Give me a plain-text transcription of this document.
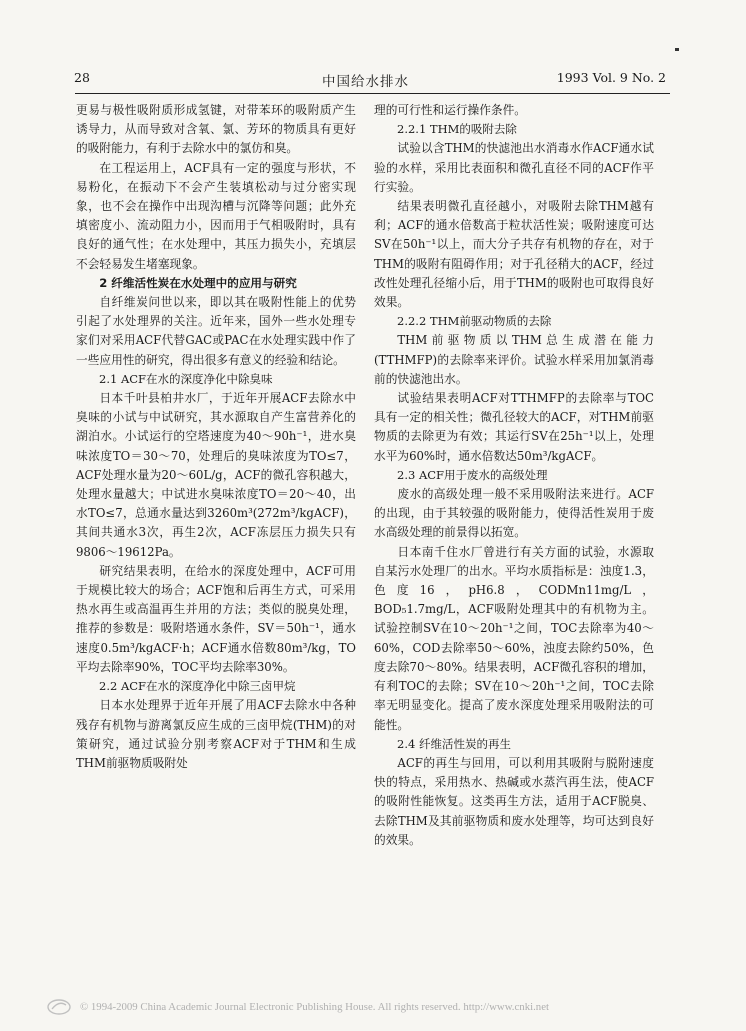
28	中国给水排水	1993 Vol. 9 No. 2

更易与极性吸附质形成氢键，对带苯环的吸附质产生诱导力，从而导致对含氧、氯、芳环的物质具有更好的吸附能力，有利于去除水中的氯仿和臭。

在工程运用上，ACF具有一定的强度与形状，不易粉化，在振动下不会产生装填松动与过分密实现象，也不会在操作中出现沟槽与沉降等问题；此外充填密度小、流动阻力小，因而用于气相吸附时，具有良好的通气性；在水处理中，其压力损失小，充填层不会轻易发生堵塞现象。

2 纤维活性炭在水处理中的应用与研究

自纤维炭问世以来，即以其在吸附性能上的优势引起了水处理界的关注。近年来，国外一些水处理专家们对采用ACF代替GAC或PAC在水处理实践中作了一些应用性的研究，得出很多有意义的经验和结论。

2.1 ACF在水的深度净化中除臭味

日本千叶县柏井水厂，于近年开展ACF去除水中臭味的小试与中试研究，其水源取自产生富营养化的湖泊水。小试运行的空塔速度为40～90h⁻¹，进水臭味浓度TO＝30～70，处理后的臭味浓度为TO≤7，ACF处理水量为20～60L/g，ACF的微孔容积越大，处理水量越大；中试进水臭味浓度TO＝20～40，出水TO≤7，总通水量达到3260m³(272m³/kgACF)，其间共通水3次，再生2次，ACF冻层压力损失只有9806～19612Pa。

研究结果表明，在给水的深度处理中，ACF可用于规模比较大的场合；ACF饱和后再生方式，可采用热水再生或高温再生并用的方法；类似的脱臭处理，推荐的参数是：吸附塔通水条件，SV＝50h⁻¹，通水速度0.5m³/kgACF·h；ACF通水倍数80m³/kg，TO平均去除率90%，TOC平均去除率30%。

2.2 ACF在水的深度净化中除三卤甲烷

日本水处理界于近年开展了用ACF去除水中各种残存有机物与游离氯反应生成的三卤甲烷(THM)的对策研究，通过试验分别考察ACF对于THM和生成THM前驱物质吸附处

理的可行性和运行操作条件。

2.2.1 THM的吸附去除

试验以含THM的快滤池出水消毒水作ACF通水试验的水样，采用比表面积和微孔直径不同的ACF作平行实验。

结果表明微孔直径越小，对吸附去除THM越有利；ACF的通水倍数高于粒状活性炭；吸附速度可达SV在50h⁻¹以上，而大分子共存有机物的存在，对于THM的吸附有阻碍作用；对于孔径稍大的ACF，经过改性处理孔径缩小后，用于THM的吸附也可取得良好效果。

2.2.2 THM前驱动物质的去除

THM前驱物质以THM总生成潜在能力(TTHMFP)的去除率来评价。试验水样采用加氯消毒前的快滤池出水。

试验结果表明ACF对TTHMFP的去除率与TOC具有一定的相关性；微孔径较大的ACF，对THM前驱物质的去除更为有效；其运行SV在25h⁻¹以上，处理水平为60%时，通水倍数达50m³/kgACF。

2.3 ACF用于废水的高级处理

废水的高级处理一般不采用吸附法来进行。ACF的出现，由于其较强的吸附能力，使得活性炭用于废水高级处理的前景得以拓宽。

日本南千住水厂曾进行有关方面的试验，水源取自某污水处理厂的出水。平均水质指标是：浊度1.3，色度16，pH6.8，CODMn11mg/L，BOD₅1.7mg/L，ACF吸附处理其中的有机物为主。试验控制SV在10～20h⁻¹之间，TOC去除率为40～60%，COD去除率50～60%，浊度去除约50%，色度去除70～80%。结果表明，ACF微孔容积的增加，有利TOC的去除；SV在10～20h⁻¹之间，TOC去除率无明显变化。提高了废水深度处理采用吸附法的可能性。

2.4 纤维活性炭的再生

ACF的再生与回用，可以利用其吸附与脱附速度快的特点，采用热水、热碱或水蒸汽再生法，使ACF的吸附性能恢复。这类再生方法，适用于ACF脱臭、去除THM及其前驱物质和废水处理等，均可达到良好的效果。

© 1994-2009 China Academic Journal Electronic Publishing House. All rights reserved. http://www.cnki.net
